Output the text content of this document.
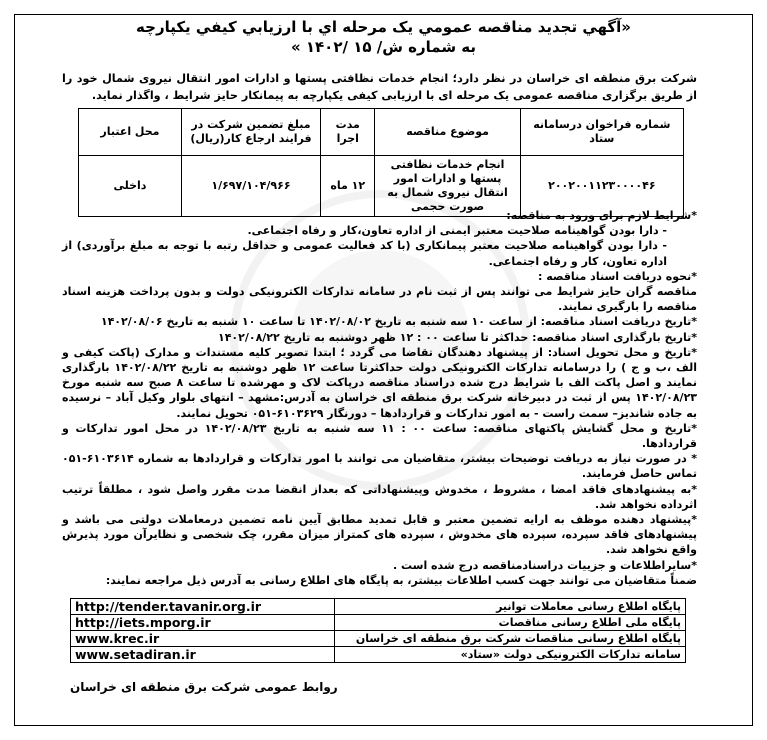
«آگهي تجديد مناقصه عمومي يک مرحله اي با ارزيابي کيفي يکپارچه
به شماره ش/ ۱۵ /۱۴۰۲ »
شرکت برق منطقه ای خراسان در نظر دارد؛ انجام خدمات نظافتی پستها و ادارات امور انتقال نیروی شمال خود را از طریق برگزاری مناقصه عمومی یک مرحله ای با ارزیابی کیفی یکپارچه به پیمانکار حایز شرایط ، واگذار نماید.
شماره فراخوان درسامانه ستاد	موضوع مناقصه	مدت اجرا	مبلغ تضمین شرکت در فرایند ارجاع کار(ریال)	محل اعتبار
۲۰۰۲۰۰۱۱۲۳۰۰۰۰۴۶	انجام خدمات نظافتی پستها و ادارات امور انتقال نیروی شمال به صورت حجمی	۱۲ ماه	۱/۶۹۷/۱۰۴/۹۶۶	داخلی

*شرایط لازم برای ورود به مناقصه:

- دارا بودن گواهینامه صلاحیت معتبر ایمنی از اداره تعاون،کار و رفاه اجتماعی.

- دارا بودن گواهینامه صلاحیت معتبر پیمانکاری (با کد فعالیت عمومی و حداقل رتبه با توجه به مبلغ برآوردی) از اداره تعاون، کار و رفاه اجتماعی.

*نحوه دریافت اسناد مناقصه :

مناقصه گران حایز شرایط می توانند پس از ثبت نام در سامانه تدارکات الکترونیکی دولت و بدون پرداخت هزینه اسناد مناقصه را بارگیری نمایند.

*تاریخ دریافت اسناد مناقصه: از ساعت ۱۰ سه شنبه به تاریخ ۱۴۰۲/۰۸/۰۲ تا ساعت ۱۰ شنبه به تاریخ ۱۴۰۲/۰۸/۰۶

*تاریخ بارگذاری اسناد مناقصه: حداکثر تا ساعت ۰۰ : ۱۲ ظهر دوشنبه به تاریخ ۱۴۰۲/۰۸/۲۲

*تاریخ و محل تحویل اسناد: از پیشنهاد دهندگان تقاضا می گردد ؛ ابتدا تصویر کلیه مستندات و مدارک (پاکت کیفی و الف ،ب و ج ) را درسامانه تدارکات الکترونیکی دولت حداکثرتا ساعت ۱۲ ظهر دوشنبه به تاریخ ۱۴۰۲/۰۸/۲۲ بارگذاری نمایند و اصل پاکت الف با شرایط درج شده دراسناد مناقصه درپاکت لاک و مهرشده تا ساعت ۸ صبح سه شنبه مورخ ۱۴۰۲/۰۸/۲۳ پس از ثبت در دبیرخانه شرکت برق منطقه ای خراسان به آدرس:مشهد – انتهای بلوار وکیل آباد – نرسیده به جاده شاندیز– سمت راست - به امور تدارکات و قراردادها – دورنگار ۶۱۰۳۶۲۹-۰۵۱ تحویل نمایند.

*تاریخ و محل گشایش پاکتهای مناقصه: ساعت ۰۰ : ۱۱ سه شنبه به تاریخ ۱۴۰۲/۰۸/۲۳ در محل امور تدارکات و قراردادها.

* در صورت نیاز به دریافت توضیحات بیشتر، متقاضیان می توانند با امور تدارکات و قراردادها به شماره ۶۱۰۳۶۱۴-۰۵۱ تماس حاصل فرمایند.

*به پیشنهادهای فاقد امضا ، مشروط ، مخدوش وپیشنهاداتی که بعداز انقضا مدت مقرر واصل شود ، مطلقاً ترتیب اثرداده نخواهد شد.

*پیشنهاد دهنده موظف به ارایه تضمین معتبر و قابل تمدید مطابق آیین نامه تضمین درمعاملات دولتی می باشد و پیشنهادهای فاقد سپرده، سپرده های مخدوش ، سپرده های کمتراز میزان مقرر، چک شخصی و نظایرآن مورد پذیرش واقع نخواهد شد.

*سایراطلاعات و جزییات دراسنادمناقصه درج شده است .

ضمناً متقاضیان می توانند جهت کسب اطلاعات بیشتر، به پایگاه های اطلاع رسانی به آدرس ذیل مراجعه نمایند:

http://tender.tavanir.org.ir	پایگاه اطلاع رسانی معاملات توانیر
http://iets.mporg.ir	پایگاه ملی اطلاع رسانی مناقصات
www.krec.ir	پایگاه اطلاع رسانی مناقصات شرکت برق منطقه ای خراسان
www.setadiran.ir	سامانه تدارکات الکترونیکی دولت «ستاد»
روابط عمومی شرکت برق منطقه ای خراسان
